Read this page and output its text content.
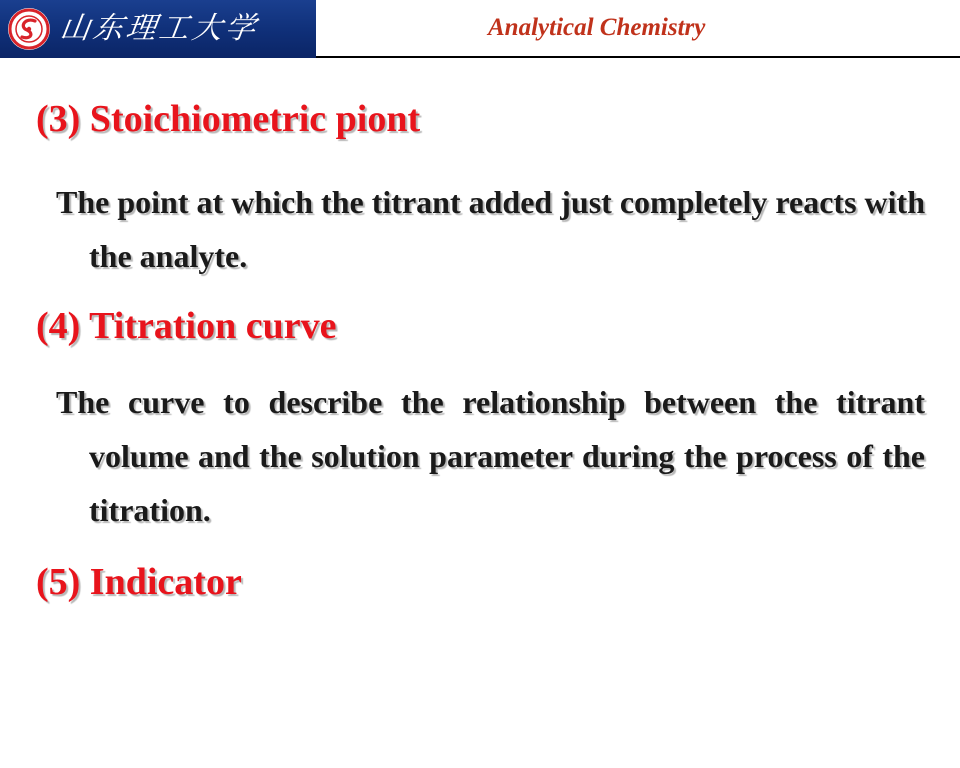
山东理工大学	Analytical Chemistry
(3) Stoichiometric piont

The point at which the titrant added just completely reacts with the analyte.

(4) Titration curve

The curve to describe the relationship between the titrant volume and the solution parameter during the process of the titration.

(5) Indicator
